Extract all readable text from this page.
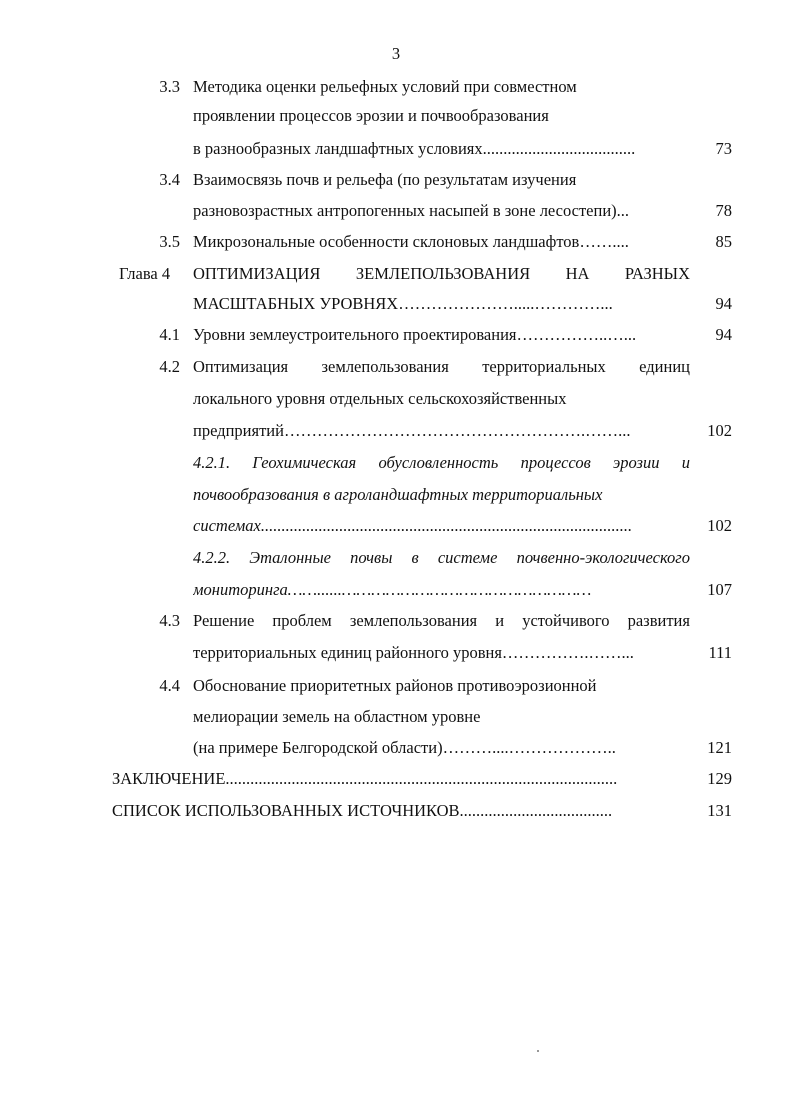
3
3.3 Методика оценки рельефных условий при совместном
проявлении процессов эрозии и почвообразования
в разнообразных ландшафтных условиях.....................................	73
3.4 Взаимосвязь почв и рельефа (по результатам изучения
разновозрастных антропогенных насыпей в зоне лесостепи)...	78
3.5 Микрозональные особенности склоновых ландшафтов……....	85
Глава 4 ОПТИМИЗАЦИЯ ЗЕМЛЕПОЛЬЗОВАНИЯ НА РАЗНЫХ
МАСШТАБНЫХ УРОВНЯХ………………….....…………...	94
4.1 Уровни землеустроительного проектирования……………..…...	94
4.2 Оптимизация землепользования территориальных единиц
локального уровня отдельных сельскохозяйственных
предприятий……………………………………………….……...	102
4.2.1. Геохимическая обусловленность процессов эрозии и
почвообразования в агроландшафтных территориальных
системах..........................................................................................	102
4.2.2. Эталонные почвы в системе почвенно-экологического
мониторинга……......……………………………………………	107
4.3 Решение проблем землепользования и устойчивого развития
территориальных единиц районного уровня…………….……...	111
4.4 Обоснование приоритетных районов противоэрозионной
мелиорации земель на областном уровне
(на примере Белгородской области)………....………………..	121
ЗАКЛЮЧЕНИЕ...............................................................................................	129
СПИСОК ИСПОЛЬЗОВАННЫХ ИСТОЧНИКОВ.....................................	131
